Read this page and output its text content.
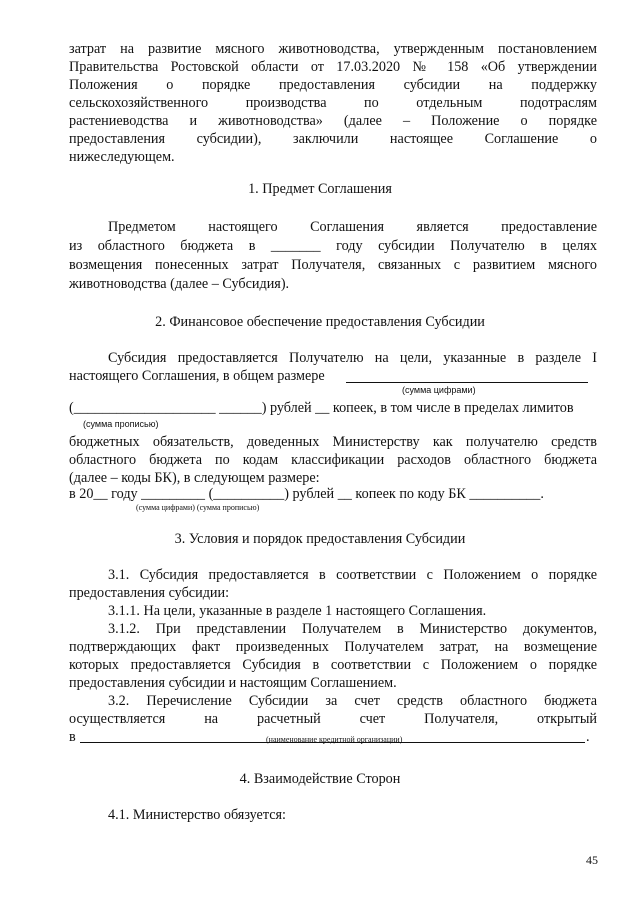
затрат на развитие мясного животноводства, утвержденным постановлением
Правительства Ростовской области от 17.03.2020 № 158 «Об утверждении
Положения о порядке предоставления субсидии на поддержку
сельскохозяйственного производства по отдельным подотраслям
растениеводства и животноводства» (далее – Положение о порядке
предоставления субсидии), заключили настоящее Соглашение о
нижеследующем.
1. Предмет Соглашения
Предметом настоящего Соглашения является предоставление
из областного бюджета в _______ году субсидии Получателю в целях
возмещения понесенных затрат Получателя, связанных с развитием мясного
животноводства (далее – Субсидия).
2. Финансовое обеспечение предоставления Субсидии
Субсидия предоставляется Получателю на цели, указанные в разделе I
настоящего Соглашения, в общем размере
(сумма цифрами)
(____________________ ______) рублей __ копеек, в том числе в пределах лимитов
(сумма прописью)
бюджетных обязательств, доведенных Министерству как получателю средств
областного бюджета по кодам классификации расходов областного бюджета
(далее – коды БК), в следующем размере:
в 20__ году _________ (__________) рублей __ копеек по коду БК __________.
(сумма цифрами) (сумма прописью)
3. Условия и порядок предоставления Субсидии
3.1. Субсидия предоставляется в соответствии с Положением о порядке
предоставления субсидии:
3.1.1. На цели, указанные в разделе 1 настоящего Соглашения.
3.1.2. При представлении Получателем в Министерство документов,
подтверждающих факт произведенных Получателем затрат, на возмещение
которых предоставляется Субсидия в соответствии с Положением о порядке
предоставления субсидии и настоящим Соглашением.
3.2. Перечисление Субсидии за счет средств областного бюджета
осуществляется на расчетный счет Получателя, открытый
в	.
(наименование кредитной организации)
4. Взаимодействие Сторон
4.1. Министерство обязуется:
45
